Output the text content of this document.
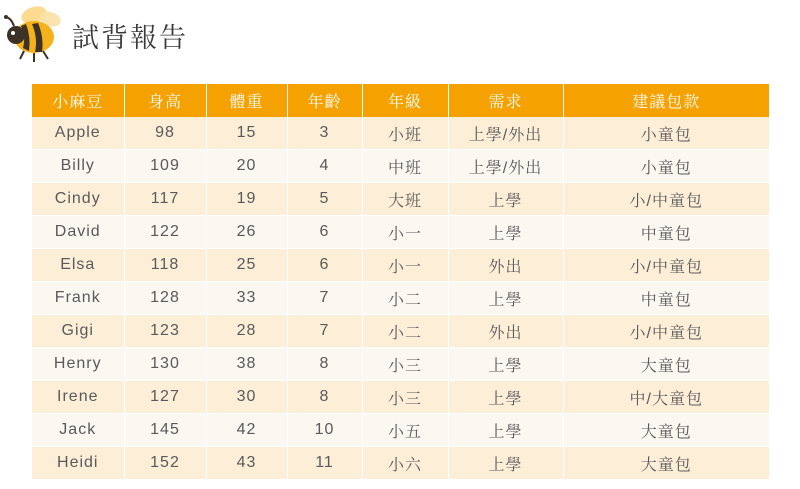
試背報告
小麻豆	身高	體重	年齡	年級	需求	建議包款
Apple	98	15	3	小班	上學/外出	小童包
Billy	109	20	4	中班	上學/外出	小童包
Cindy	117	19	5	大班	上學	小/中童包
David	122	26	6	小一	上學	中童包
Elsa	118	25	6	小一	外出	小/中童包
Frank	128	33	7	小二	上學	中童包
Gigi	123	28	7	小二	外出	小/中童包
Henry	130	38	8	小三	上學	大童包
Irene	127	30	8	小三	上學	中/大童包
Jack	145	42	10	小五	上學	大童包
Heidi	152	43	11	小六	上學	大童包
